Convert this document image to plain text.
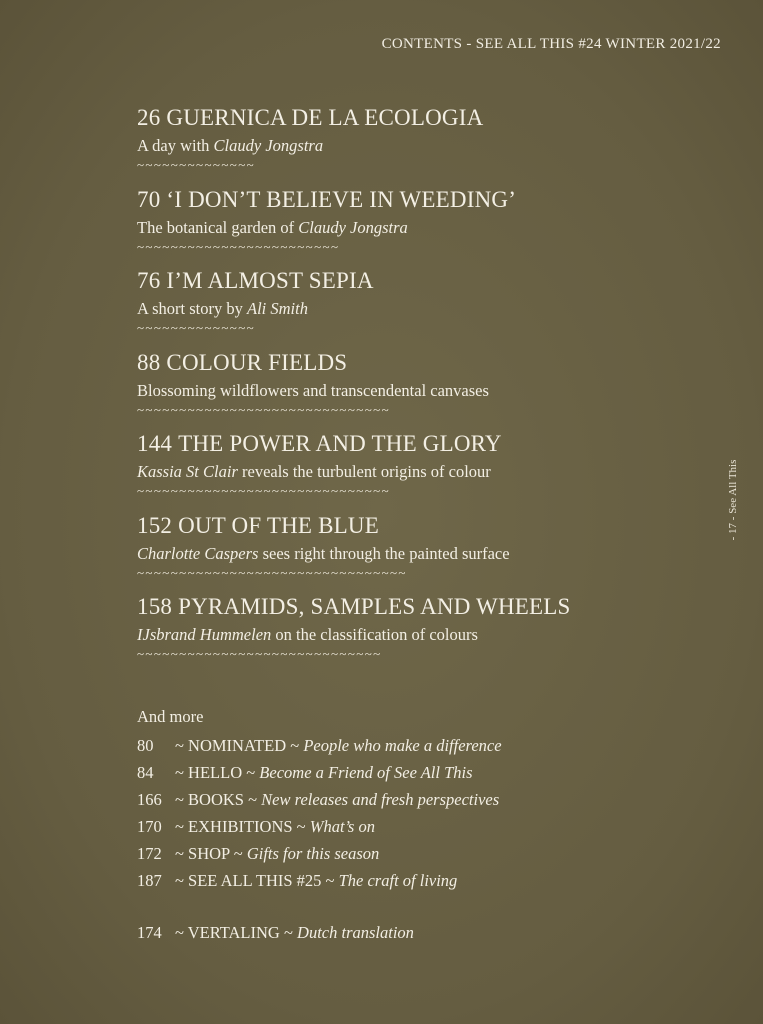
CONTENTS - SEE ALL THIS #24 WINTER 2021/22
- 17 - See All This
26 GUERNICA DE LA ECOLOGIA
A day with Claudy Jongstra
~~~~~~~~~~~~~~
70 ‘I DON’T BELIEVE IN WEEDING’
The botanical garden of Claudy Jongstra
~~~~~~~~~~~~~~~~~~~~~~~~
76 I’M ALMOST SEPIA
A short story by Ali Smith
~~~~~~~~~~~~~~
88 COLOUR FIELDS
Blossoming wildflowers and transcendental canvases
~~~~~~~~~~~~~~~~~~~~~~~~~~~~~~
144 THE POWER AND THE GLORY
Kassia St Clair reveals the turbulent origins of colour
~~~~~~~~~~~~~~~~~~~~~~~~~~~~~~
152 OUT OF THE BLUE
Charlotte Caspers sees right through the painted surface
~~~~~~~~~~~~~~~~~~~~~~~~~~~~~~~~
158 PYRAMIDS, SAMPLES AND WHEELS
IJsbrand Hummelen on the classification of colours
~~~~~~~~~~~~~~~~~~~~~~~~~~~~~
And more
80 ~ NOMINATED ~ People who make a difference
84 ~ HELLO ~ Become a Friend of See All This
166 ~ BOOKS ~ New releases and fresh perspectives
170 ~ EXHIBITIONS ~ What’s on
172 ~ SHOP ~ Gifts for this season
187 ~ SEE ALL THIS #25 ~ The craft of living
174 ~ VERTALING ~ Dutch translation
